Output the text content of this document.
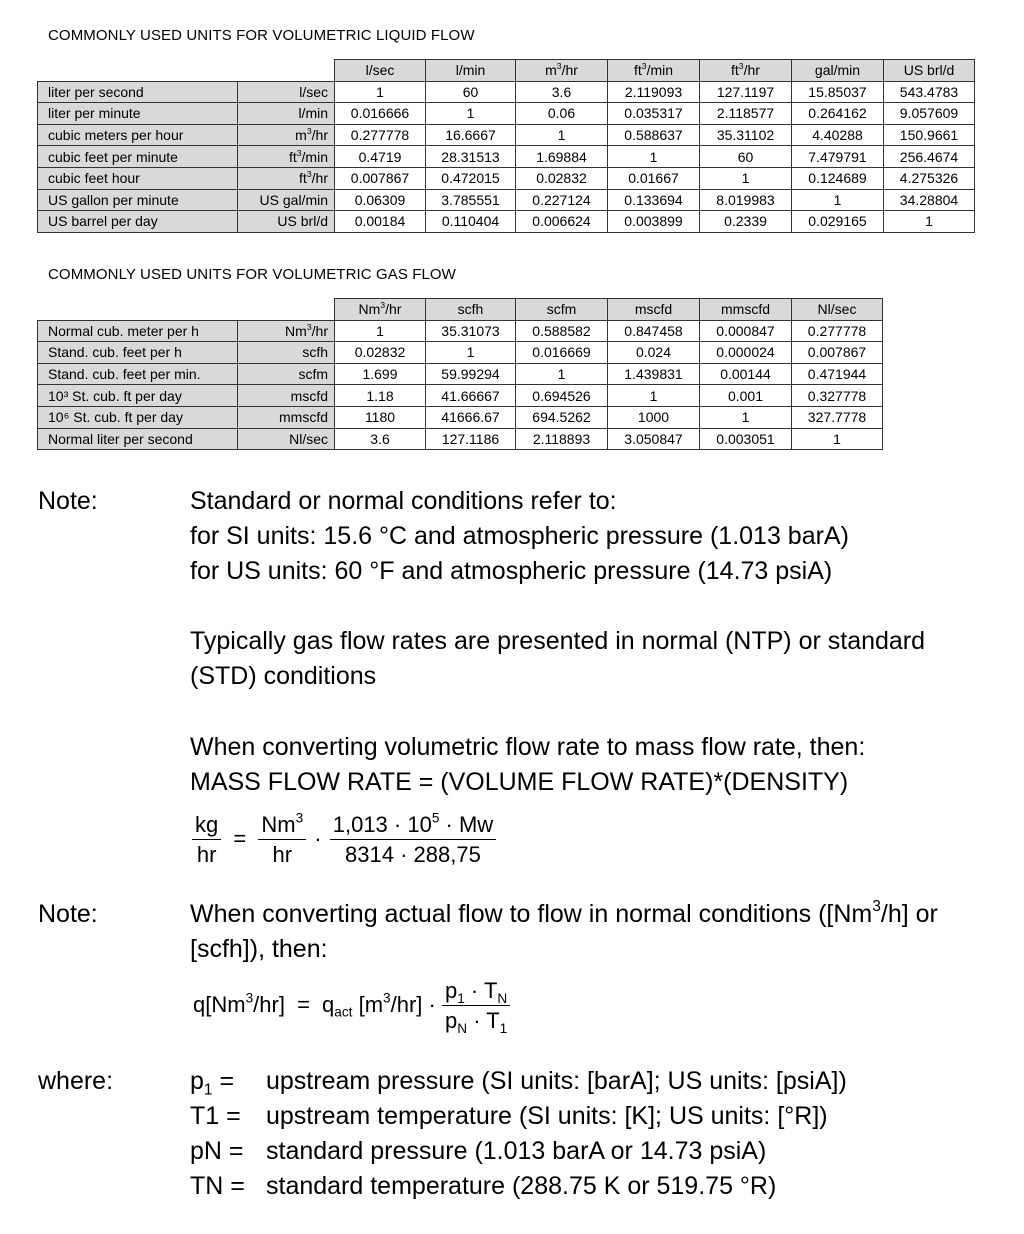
COMMONLY USED UNITS FOR VOLUMETRIC LIQUID FLOW
		l/sec	l/min	$m^3/hr$	$ft^3/\min$	$ft^3/hr$	gal/min	US brl/d
liter per second	l/sec	1	60	3.6	2.119093	127.1197	15.85037	543.4783
liter per minute	l/min	0.016666	1	0.06	0.035317	2.118577	0.264162	9.057609
cubic meters per hour	$m^3/hr$	0.277778	16.6667	1	0.588637	35.31102	4.40288	150.9661
cubic feet per minute	$ft^3/\min$	0.4719	28.31513	1.69884	1	60	7.479791	256.4674
cubic feet hour	$ft^3/hr$	0.007867	0.472015	0.02832	0.01667	1	0.124689	4.275326
US gallon per minute	US gal/min	0.06309	3.785551	0.227124	0.133694	8.019983	1	34.28804
US barrel per day	US brl/d	0.00184	0.110404	0.006624	0.003899	0.2339	0.029165	1
COMMONLY USED UNITS FOR VOLUMETRIC GAS FLOW
		Nm$^3$/hr	scfh	scfm	mscfd	mmscfd	Nl/sec
Normal cub. meter per h	Nm$^3$/hr	1	35.31073	0.588582	0.847458	0.000847	0.277778
Stand. cub. feet per h	scfh	0.02832	1	0.016669	0.024	0.000024	0.007867
Stand. cub. feet per min.	scfm	1.699	59.99294	1	1.439831	0.00144	0.471944
10³ St. cub. ft per day	mscfd	1.18	41.66667	0.694526	1	0.001	0.327778
10⁶ St. cub. ft per day	mmscfd	1180	41666.67	694.5262	1000	1	327.7778
Normal liter per second	Nl/sec	3.6	127.1186	2.118893	3.050847	0.003051	1
Note:	Standard or normal conditions refer to:
for SI units: 15.6 °C and atmospheric pressure (1.013 barA)
for US units: 60 °F and atmospheric pressure (14.73 psiA)
Typically gas flow rates are presented in normal (NTP) or standard
(STD) conditions
When converting volumetric flow rate to mass flow rate, then:
MASS FLOW RATE = (VOLUME FLOW RATE)*(DENSITY)
$\frac{kg}{hr} = \frac{Nm^3}{hr} \cdot \frac{1,013 \cdot 10^5 \cdot Mw}{8314 \cdot 288,75}$
Note:	When converting actual flow to flow in normal conditions ([Nm$^3$/h] or
[scfh]), then:
$q[Nm^3/hr] = q_{act}$ $[m^3/hr] \cdot \frac{p_1 \cdot T_N}{p_N \cdot T_1}$
where:	$p_1$ = upstream pressure (SI units: [barA]; US units: [psiA])
T1 = upstream temperature (SI units: [K]; US units: [°R])
pN = standard pressure (1.013 barA or 14.73 psiA)
TN = standard temperature (288.75 K or 519.75 °R)
